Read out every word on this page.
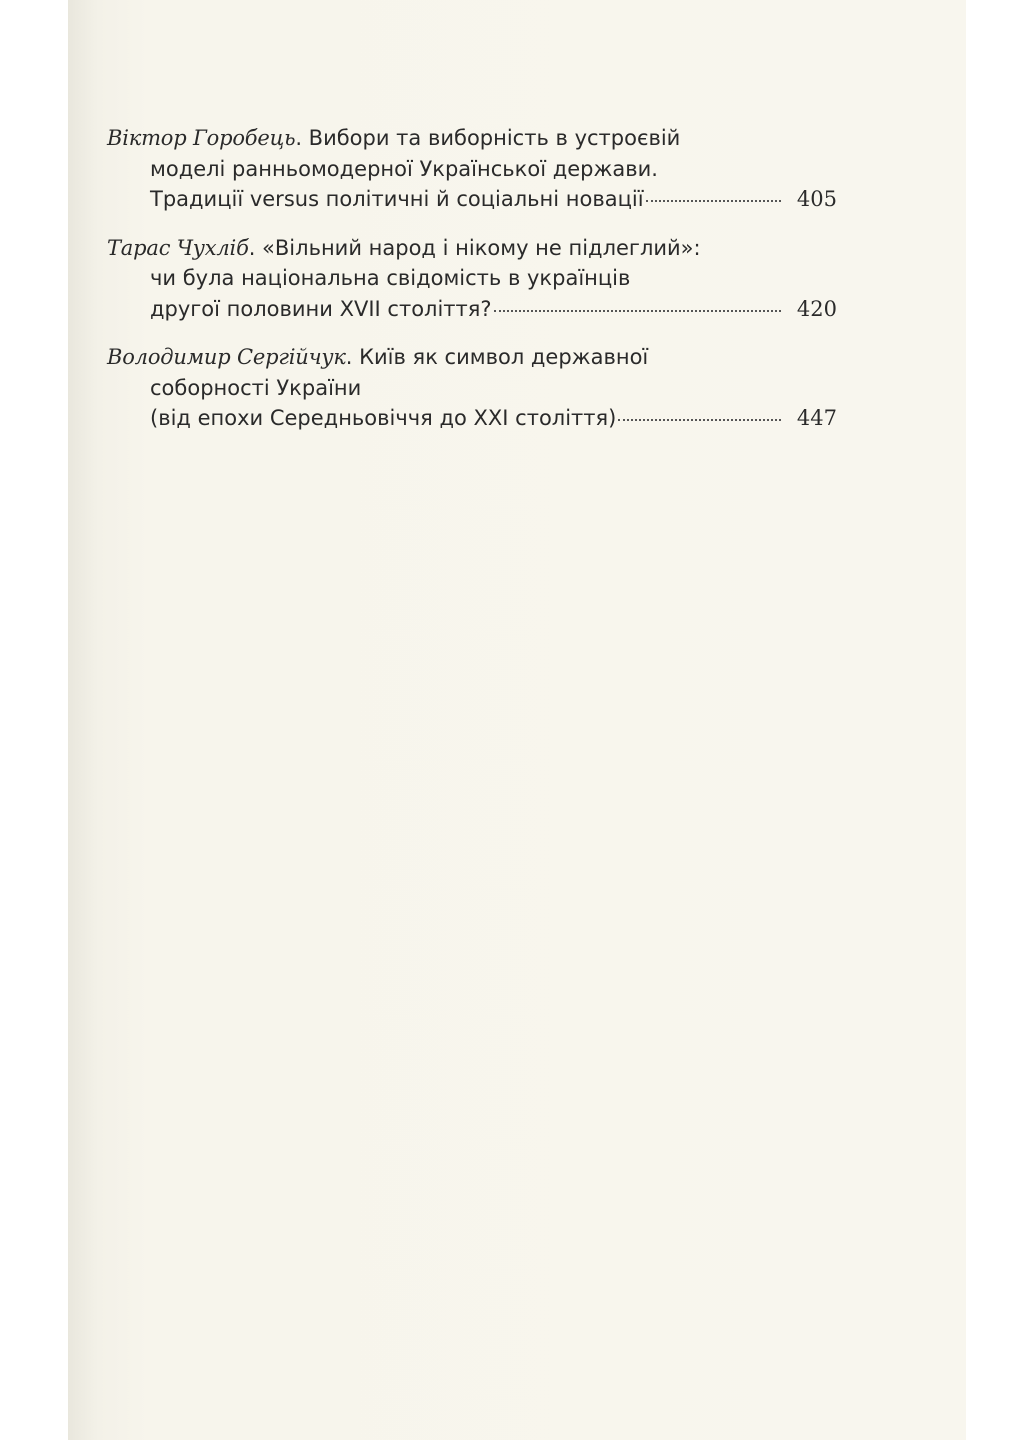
Віктор Горобець. Вибори та виборність в устроєвій
моделі ранньомодерної Української держави.
Традиції versus політичні й соціальні новації	405
Тарас Чухліб. «Вільний народ і нікому не підлеглий»:
чи була національна свідомість в українців
другої половини XVII століття?	420
Володимир Сергійчук. Київ як символ державної
соборності України
(від епохи Середньовіччя до XXI століття)	447
